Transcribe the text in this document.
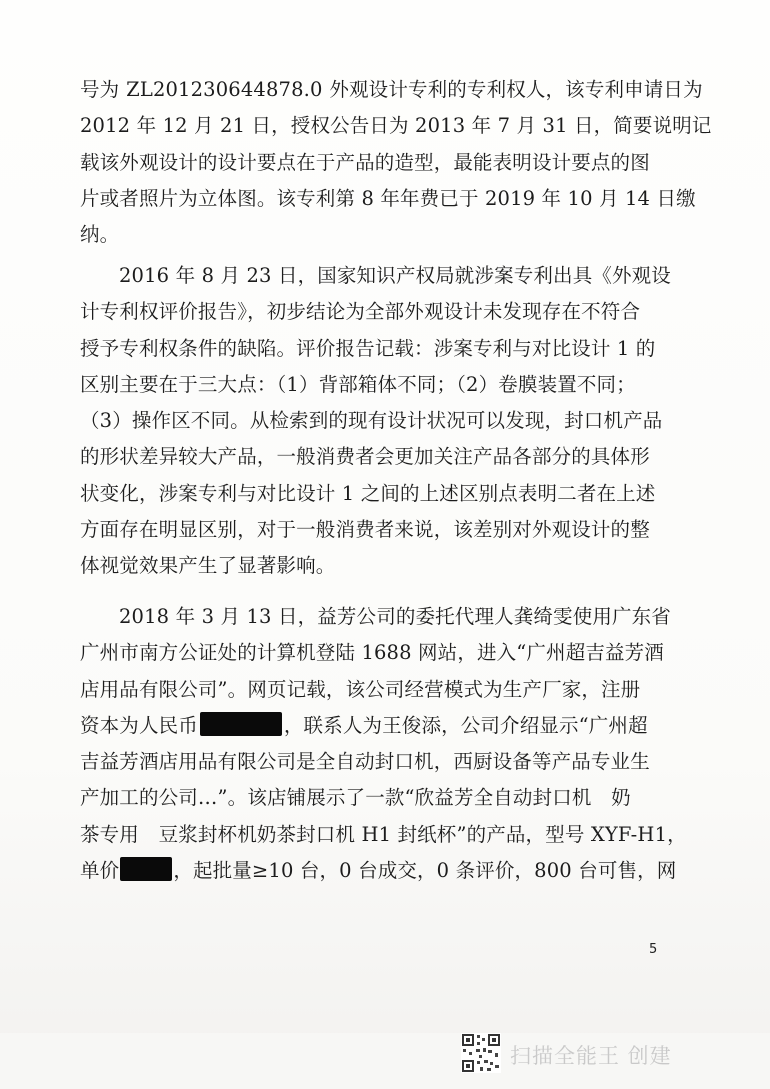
号为 ZL201230644878.0 外观设计专利的专利权人，该专利申请日为
2012 年 12 月 21 日，授权公告日为 2013 年 7 月 31 日，简要说明记
载该外观设计的设计要点在于产品的造型，最能表明设计要点的图
片或者照片为立体图。该专利第 8 年年费已于 2019 年 10 月 14 日缴
纳。
2016 年 8 月 23 日，国家知识产权局就涉案专利出具《外观设
计专利权评价报告》，初步结论为全部外观设计未发现存在不符合
授予专利权条件的缺陷。评价报告记载：涉案专利与对比设计 1 的
区别主要在于三大点：（1）背部箱体不同；（2）卷膜装置不同；
（3）操作区不同。从检索到的现有设计状况可以发现，封口机产品
的形状差异较大产品，一般消费者会更加关注产品各部分的具体形
状变化，涉案专利与对比设计 1 之间的上述区别点表明二者在上述
方面存在明显区别，对于一般消费者来说，该差别对外观设计的整
体视觉效果产生了显著影响。
2018 年 3 月 13 日，益芳公司的委托代理人龚绮雯使用广东省
广州市南方公证处的计算机登陆 1688 网站，进入“广州超吉益芳酒
店用品有限公司”。网页记载，该公司经营模式为生产厂家，注册
资本为人民币	，联系人为王俊添，公司介绍显示“广州超
吉益芳酒店用品有限公司是全自动封口机，西厨设备等产品专业生
产加工的公司…”。该店铺展示了一款“欣益芳全自动封口机　奶
茶专用　豆浆封杯机奶茶封口机 H1 封纸杯”的产品，型号 XYF-H1，
单价	，起批量≥10 台，0 台成交，0 条评价，800 台可售，网
5
扫描全能王 创建
